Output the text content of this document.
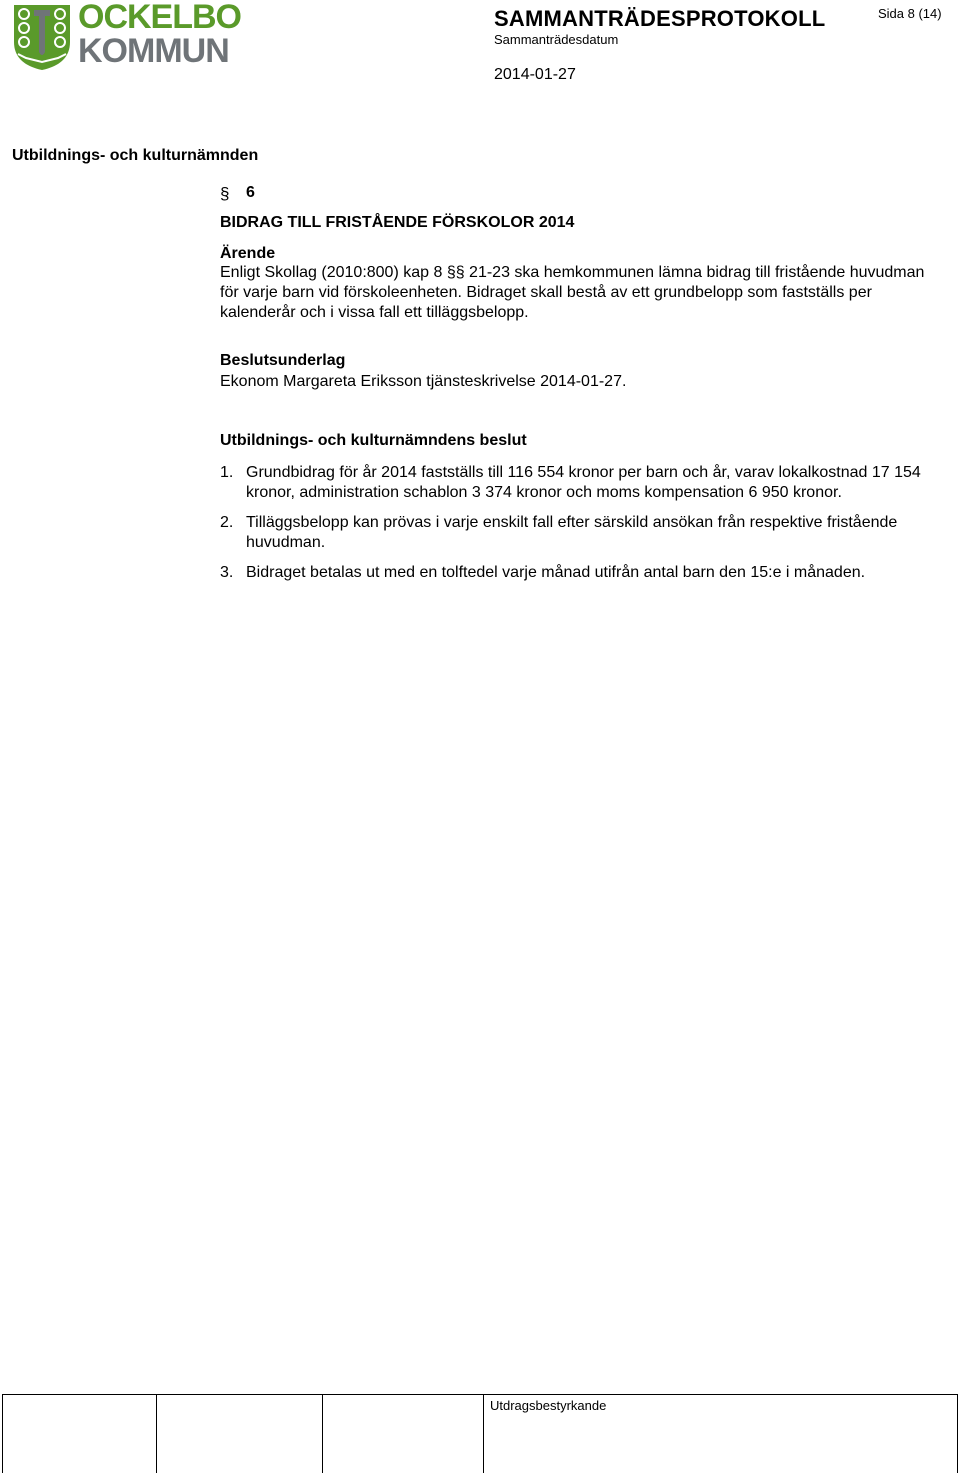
OCKELBO
KOMMUN
SAMMANTRÄDESPROTOKOLL
Sammanträdesdatum
2014-01-27
Sida 8 (14)
Utbildnings- och kulturnämnden
§ 6
BIDRAG TILL FRISTÅENDE FÖRSKOLOR 2014
Ärende
Enligt Skollag (2010:800) kap 8 §§ 21-23 ska hemkommunen lämna bidrag till fristående huvudman
för varje barn vid förskoleenheten. Bidraget skall bestå av ett grundbelopp som fastställs per
kalenderår och i vissa fall ett tilläggsbelopp.
Beslutsunderlag
Ekonom Margareta Eriksson tjänsteskrivelse 2014-01-27.
Utbildnings- och kulturnämndens beslut
1. Grundbidrag för år 2014 fastställs till 116 554 kronor per barn och år, varav lokalkostnad 17 154
kronor, administration schablon 3 374 kronor och moms kompensation 6 950 kronor.
2. Tilläggsbelopp kan prövas i varje enskilt fall efter särskild ansökan från respektive fristående
huvudman.
3. Bidraget betalas ut med en tolftedel varje månad utifrån antal barn den 15:e i månaden.
Utdragsbestyrkande
